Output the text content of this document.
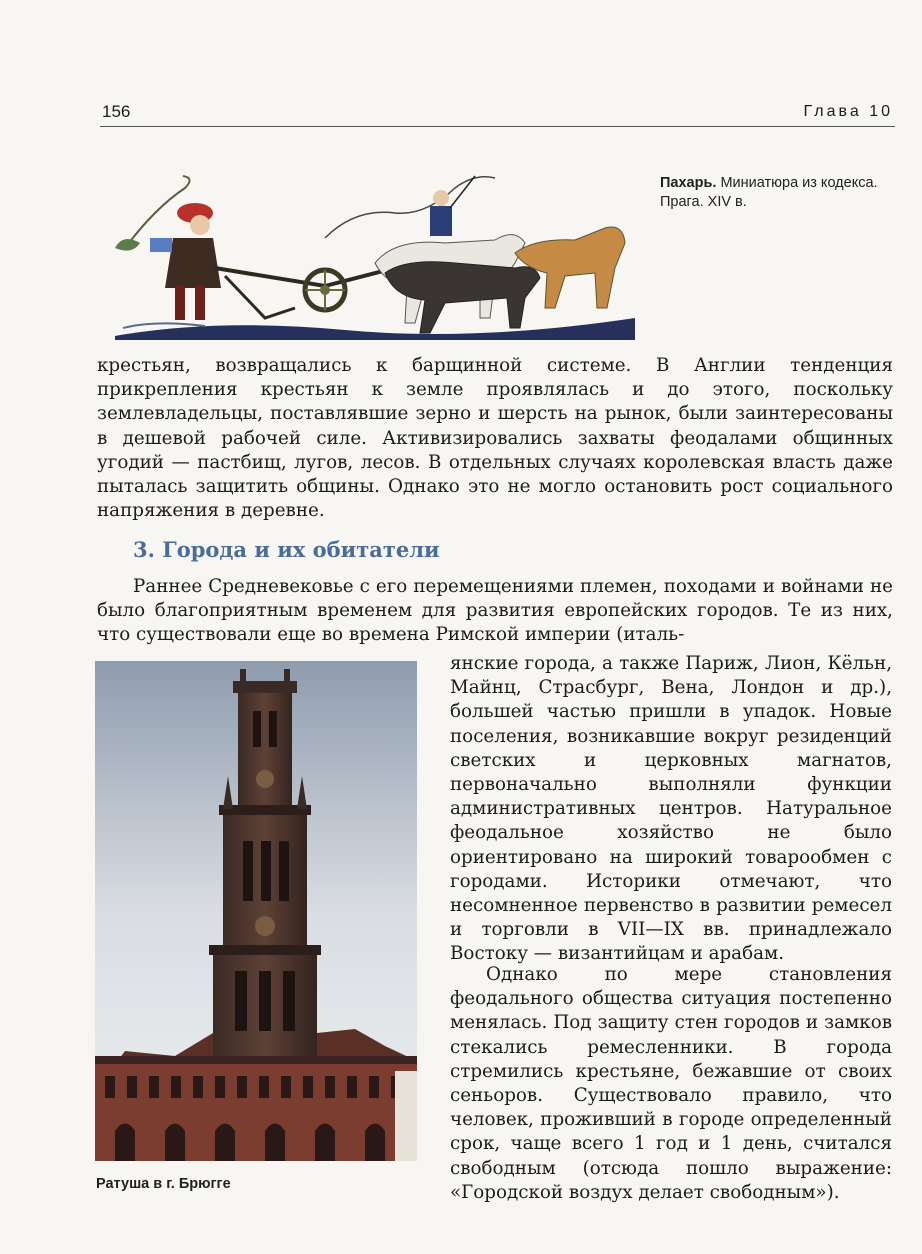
156	Глава 10
Пахарь. Миниатюра из кодекса. Прага. XIV в.

крестьян, возвращались к барщинной системе. В Англии тенденция прикрепления крестьян к земле проявлялась и до этого, поскольку землевладельцы, поставлявшие зерно и шерсть на рынок, были заинтересованы в дешевой рабочей силе. Активизировались захваты феодалами общинных угодий — пастбищ, лугов, лесов. В отдельных случаях королевская власть даже пыталась защитить общины. Однако это не могло остановить рост социального напряжения в деревне.

3. Города и их обитатели

Раннее Средневековье с его перемещениями племен, походами и войнами не было благоприятным временем для развития европейских городов. Те из них, что существовали еще во времена Римской империи (италь-

янские города, а также Париж, Лион, Кёльн, Майнц, Страсбург, Вена, Лондон и др.), большей частью пришли в упадок. Новые поселения, возникавшие вокруг резиденций светских и церковных магнатов, первоначально выполняли функции административных центров. Натуральное феодальное хозяйство не было ориентировано на широкий товарообмен с городами. Историки отмечают, что несомненное первенство в развитии ремесел и торговли в VII—IX вв. принадлежало Востоку — византийцам и арабам.

Однако по мере становления феодального общества ситуация постепенно менялась. Под защиту стен городов и замков стекались ремесленники. В города стремились крестьяне, бежавшие от своих сеньоров. Существовало правило, что человек, проживший в городе определенный срок, чаще всего 1 год и 1 день, считался свободным (отсюда пошло выражение: «Городской воздух делает свободным»).

Ратуша в г. Брюгге
